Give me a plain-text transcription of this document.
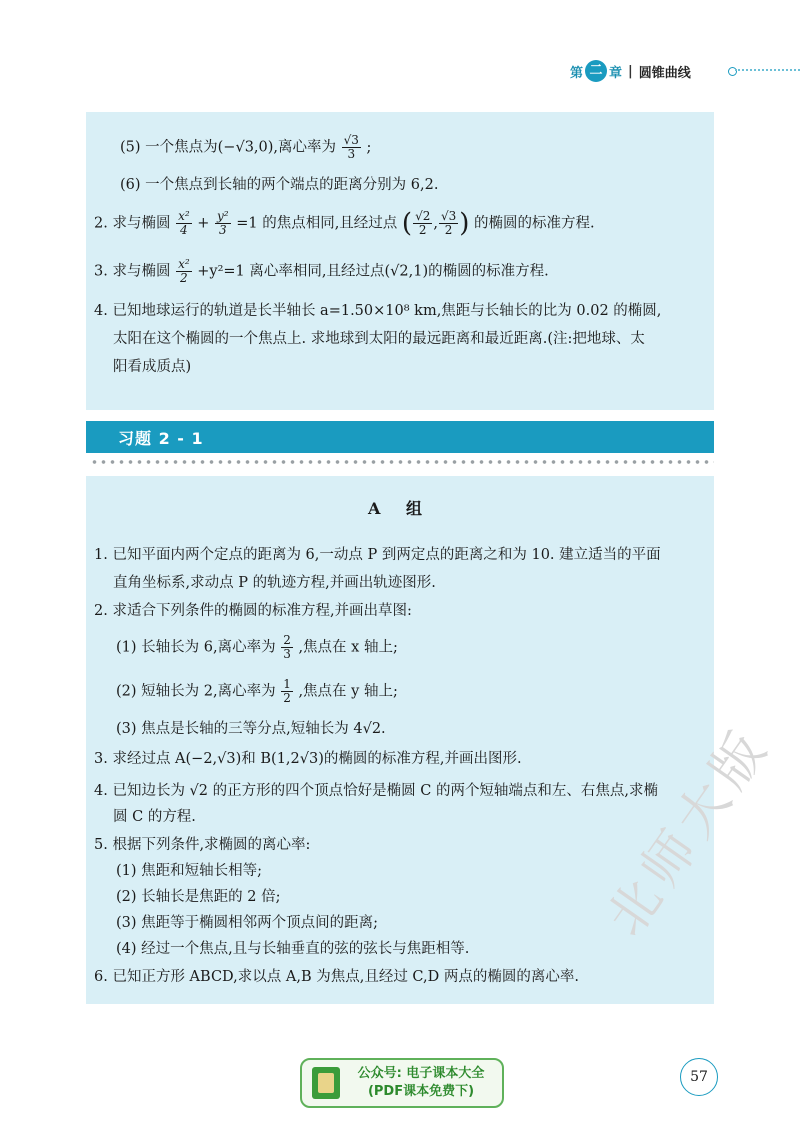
第 二 章 | 圆锥曲线
(5) 一个焦点为(−√3,0),离心率为 $\frac{√3}{3}$ ;
(6) 一个焦点到长轴的两个端点的距离分别为 6,2.
2. 求与椭圆 $\frac{\text{x²}}{4} + \frac{\text{y²}}{3} =1$ 的焦点相同,且经过点 ( $\frac{√2}{2}$ , $\frac{√3}{2}$ ) 的椭圆的标准方程.
3. 求与椭圆 $\frac{\text{x²}}{2} +y^2=1$ 离心率相同,且经过点(√2,1)的椭圆的标准方程.
4. 已知地球运行的轨道是长半轴长 a=1.50×10⁸ km,焦距与长轴长的比为 0.02 的椭圆,
太阳在这个椭圆的一个焦点上. 求地球到太阳的最远距离和最近距离.(注:把地球、太
阳看成质点)
习题 2 - 1
A 组
1. 已知平面内两个定点的距离为 6,一动点 P 到两定点的距离之和为 10. 建立适当的平面
直角坐标系,求动点 P 的轨迹方程,并画出轨迹图形.
2. 求适合下列条件的椭圆的标准方程,并画出草图:
(1) 长轴长为 6,离心率为 $\frac{2}{3}$ ,焦点在 x 轴上;
(2) 短轴长为 2,离心率为 $\frac{1}{2}$ ,焦点在 y 轴上;
(3) 焦点是长轴的三等分点,短轴长为 4√2.
3. 求经过点 A(−2,√3)和 B(1,2√3)的椭圆的标准方程,并画出图形.
4. 已知边长为 √2 的正方形的四个顶点恰好是椭圆 C 的两个短轴端点和左、右焦点,求椭
圆 C 的方程.
5. 根据下列条件,求椭圆的离心率:
(1) 焦距和短轴长相等;
(2) 长轴长是焦距的 2 倍;
(3) 焦距等于椭圆相邻两个顶点间的距离;
(4) 经过一个焦点,且与长轴垂直的弦的弦长与焦距相等.
6. 已知正方形 ABCD,求以点 A,B 为焦点,且经过 C,D 两点的椭圆的离心率.
北师大版
公众号: 电子课本大全
(PDF课本免费下)
57
